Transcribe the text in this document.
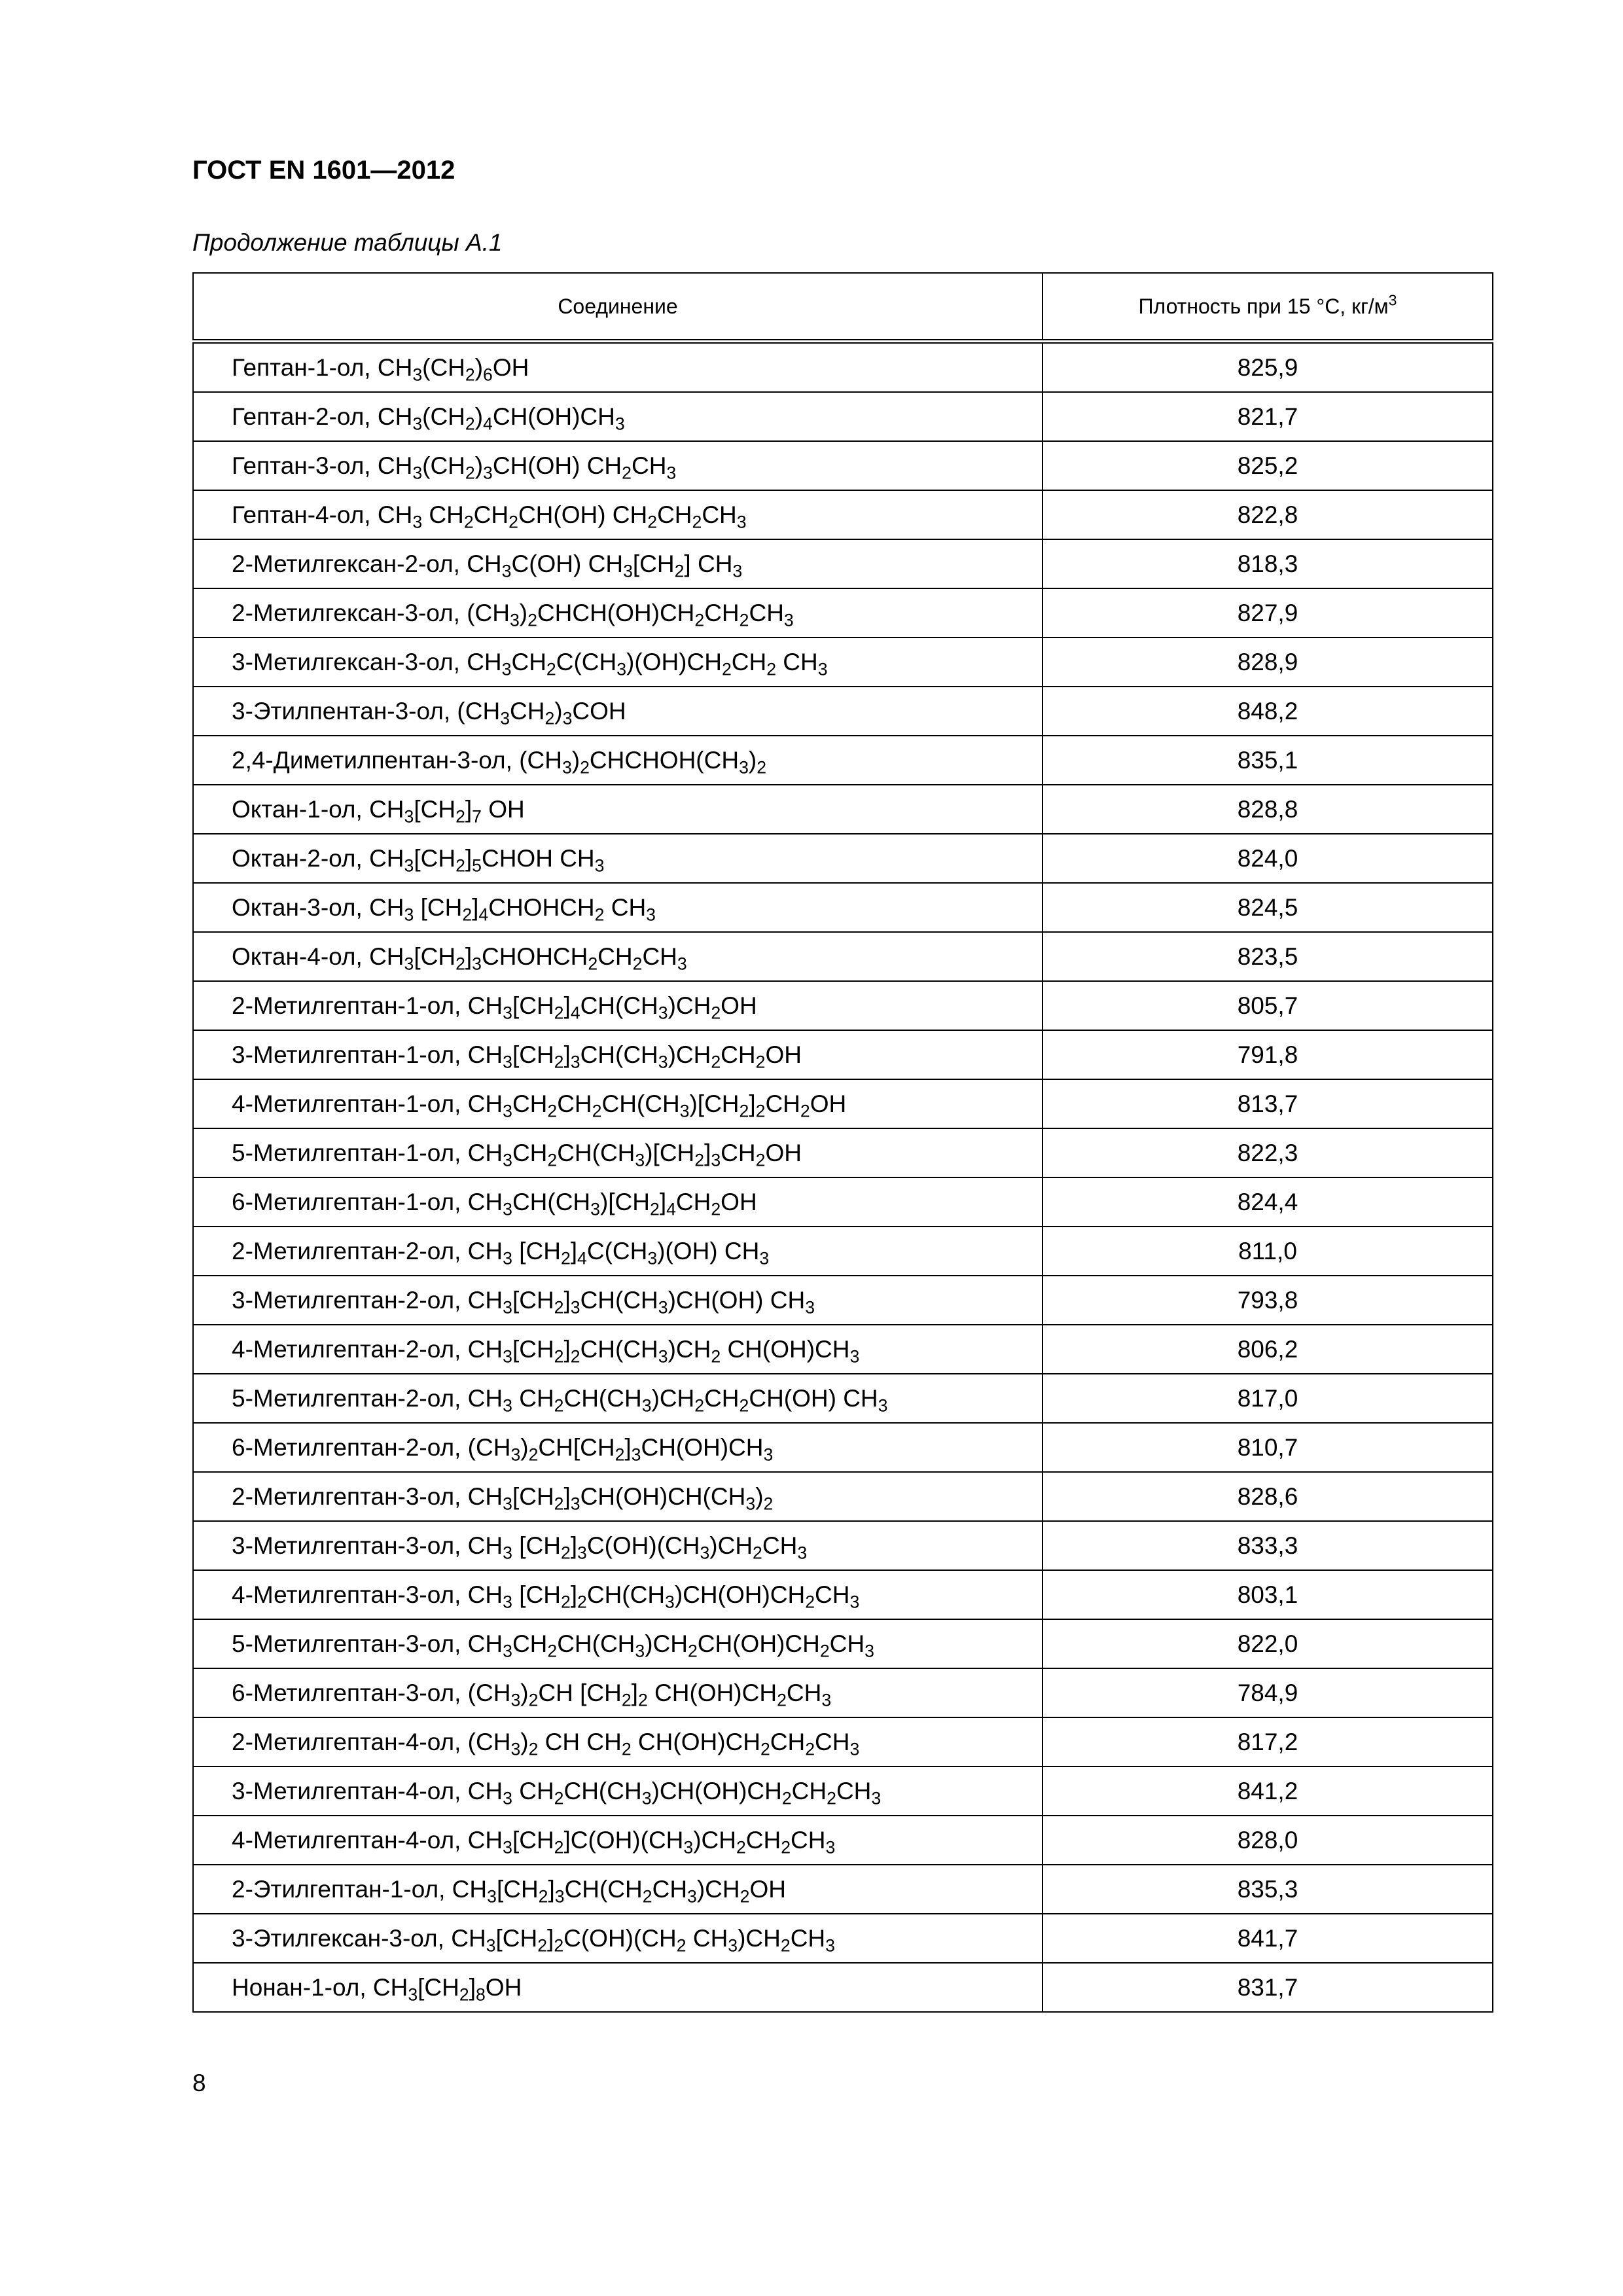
ГОСТ EN 1601—2012
Продолжение таблицы А.1
Соединение	Плотность при 15 °С, $кг/м^3$
Гептан-1-ол, $CH_3(CH_2)_6OH$	825,9
Гептан-2-ол, $CH_3(CH_2)_4CH(OH)CH_3$	821,7
Гептан-3-ол, $CH_3(CH_2)_3CH(OH)$ $CH_2CH_3$	825,2
Гептан-4-ол, $CH_3$ $CH_2CH_2CH(OH)$ $CH_2CH_2CH_3$	822,8
2-Метилгексан-2-ол, $CH_3C(OH)$ $CH_3[CH_2]$ $CH_3$	818,3
2-Метилгексан-3-ол, $(CH_3)_2CHCH(OH)CH_2CH_2CH_3$	827,9
3-Метилгексан-3-ол, $CH_3CH_2C(CH_3)(OH)CH_2CH_2$ $CH_3$	828,9
3-Этилпентан-3-ол, $(CH_3CH_2)_3COH$	848,2
2,4-Диметилпентан-3-ол, $(CH_3)_2CHCHOH(CH_3)_2$	835,1
Октан-1-ол, $CH_3[CH_2]_7$ OH	828,8
Октан-2-ол, $CH_3[CH_2]_5CHOH$ $CH_3$	824,0
Октан-3-ол, $CH_3$ $[CH_2]_4CHOHCH_2$ $CH_3$	824,5
Октан-4-ол, $CH_3[CH_2]_3CHOHCH_2CH_2CH_3$	823,5
2-Метилгептан-1-ол, $CH_3[CH_2]_4CH(CH_3)CH_2OH$	805,7
3-Метилгептан-1-ол, $CH_3[CH_2]_3CH(CH_3)CH_2CH_2OH$	791,8
4-Метилгептан-1-ол, $CH_3CH_2CH_2CH(CH_3)[CH_2]_2CH_2OH$	813,7
5-Метилгептан-1-ол, $CH_3CH_2CH(CH_3)[CH_2]_3CH_2OH$	822,3
6-Метилгептан-1-ол, $CH_3CH(CH_3)[CH_2]_4CH_2OH$	824,4
2-Метилгептан-2-ол, $CH_3$ $[CH_2]_4C(CH_3)(OH)$ $CH_3$	811,0
3-Метилгептан-2-ол, $CH_3[CH_2]_3CH(CH_3)CH(OH)$ $CH_3$	793,8
4-Метилгептан-2-ол, $CH_3[CH_2]_2CH(CH_3)CH_2$ $CH(OH)CH_3$	806,2
5-Метилгептан-2-ол, $CH_3$ $CH_2CH(CH_3)CH_2CH_2CH(OH)$ $CH_3$	817,0
6-Метилгептан-2-ол, $(CH_3)_2CH[CH_2]_3CH(OH)CH_3$	810,7
2-Метилгептан-3-ол, $CH_3[CH_2]_3CH(OH)CH(CH_3)_2$	828,6
3-Метилгептан-3-ол, $CH_3$ $[CH_2]_3C(OH)(CH_3)CH_2CH_3$	833,3
4-Метилгептан-3-ол, $CH_3$ $[CH_2]_2CH(CH_3)CH(OH)CH_2CH_3$	803,1
5-Метилгептан-3-ол, $CH_3CH_2CH(CH_3)CH_2CH(OH)CH_2CH_3$	822,0
6-Метилгептан-3-ол, $(CH_3)_2CH$ $[CH_2]_2$ $CH(OH)CH_2CH_3$	784,9
2-Метилгептан-4-ол, $(CH_3)_2$ CH $CH_2$ $CH(OH)CH_2CH_2CH_3$	817,2
3-Метилгептан-4-ол, $CH_3$ $CH_2CH(CH_3)CH(OH)CH_2CH_2CH_3$	841,2
4-Метилгептан-4-ол, $CH_3[CH_2]C(OH)(CH_3)CH_2CH_2CH_3$	828,0
2-Этилгептан-1-ол, $CH_3[CH_2]_3CH(CH_2CH_3)CH_2OH$	835,3
3-Этилгексан-3-ол, $CH_3[CH_2]_2C(OH)(CH_2$ $CH_3)CH_2CH_3$	841,7
Нонан-1-ол, $CH_3[CH_2]_8OH$	831,7
8
